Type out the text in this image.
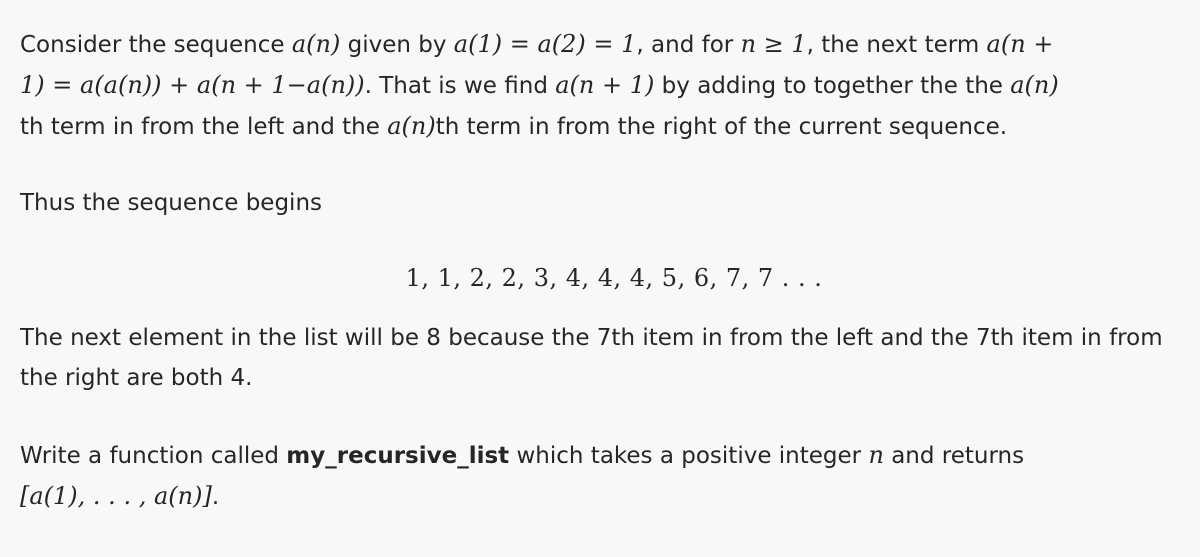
Consider the sequence a(n) given by a(1) = a(2) = 1, and for n ≥ 1, the next term a(n +
1) = a(a(n)) + a(n + 1−a(n)). That is we find a(n + 1) by adding to together the the a(n)
th term in from the left and the a(n)th term in from the right of the current sequence.

Thus the sequence begins

1, 1, 2, 2, 3, 4, 4, 4, 5, 6, 7, 7 . . .

The next element in the list will be 8 because the 7th item in from the left and the 7th item in from the right are both 4.

Write a function called my_recursive_list which takes a positive integer n and returns
[a(1), . . . , a(n)].
